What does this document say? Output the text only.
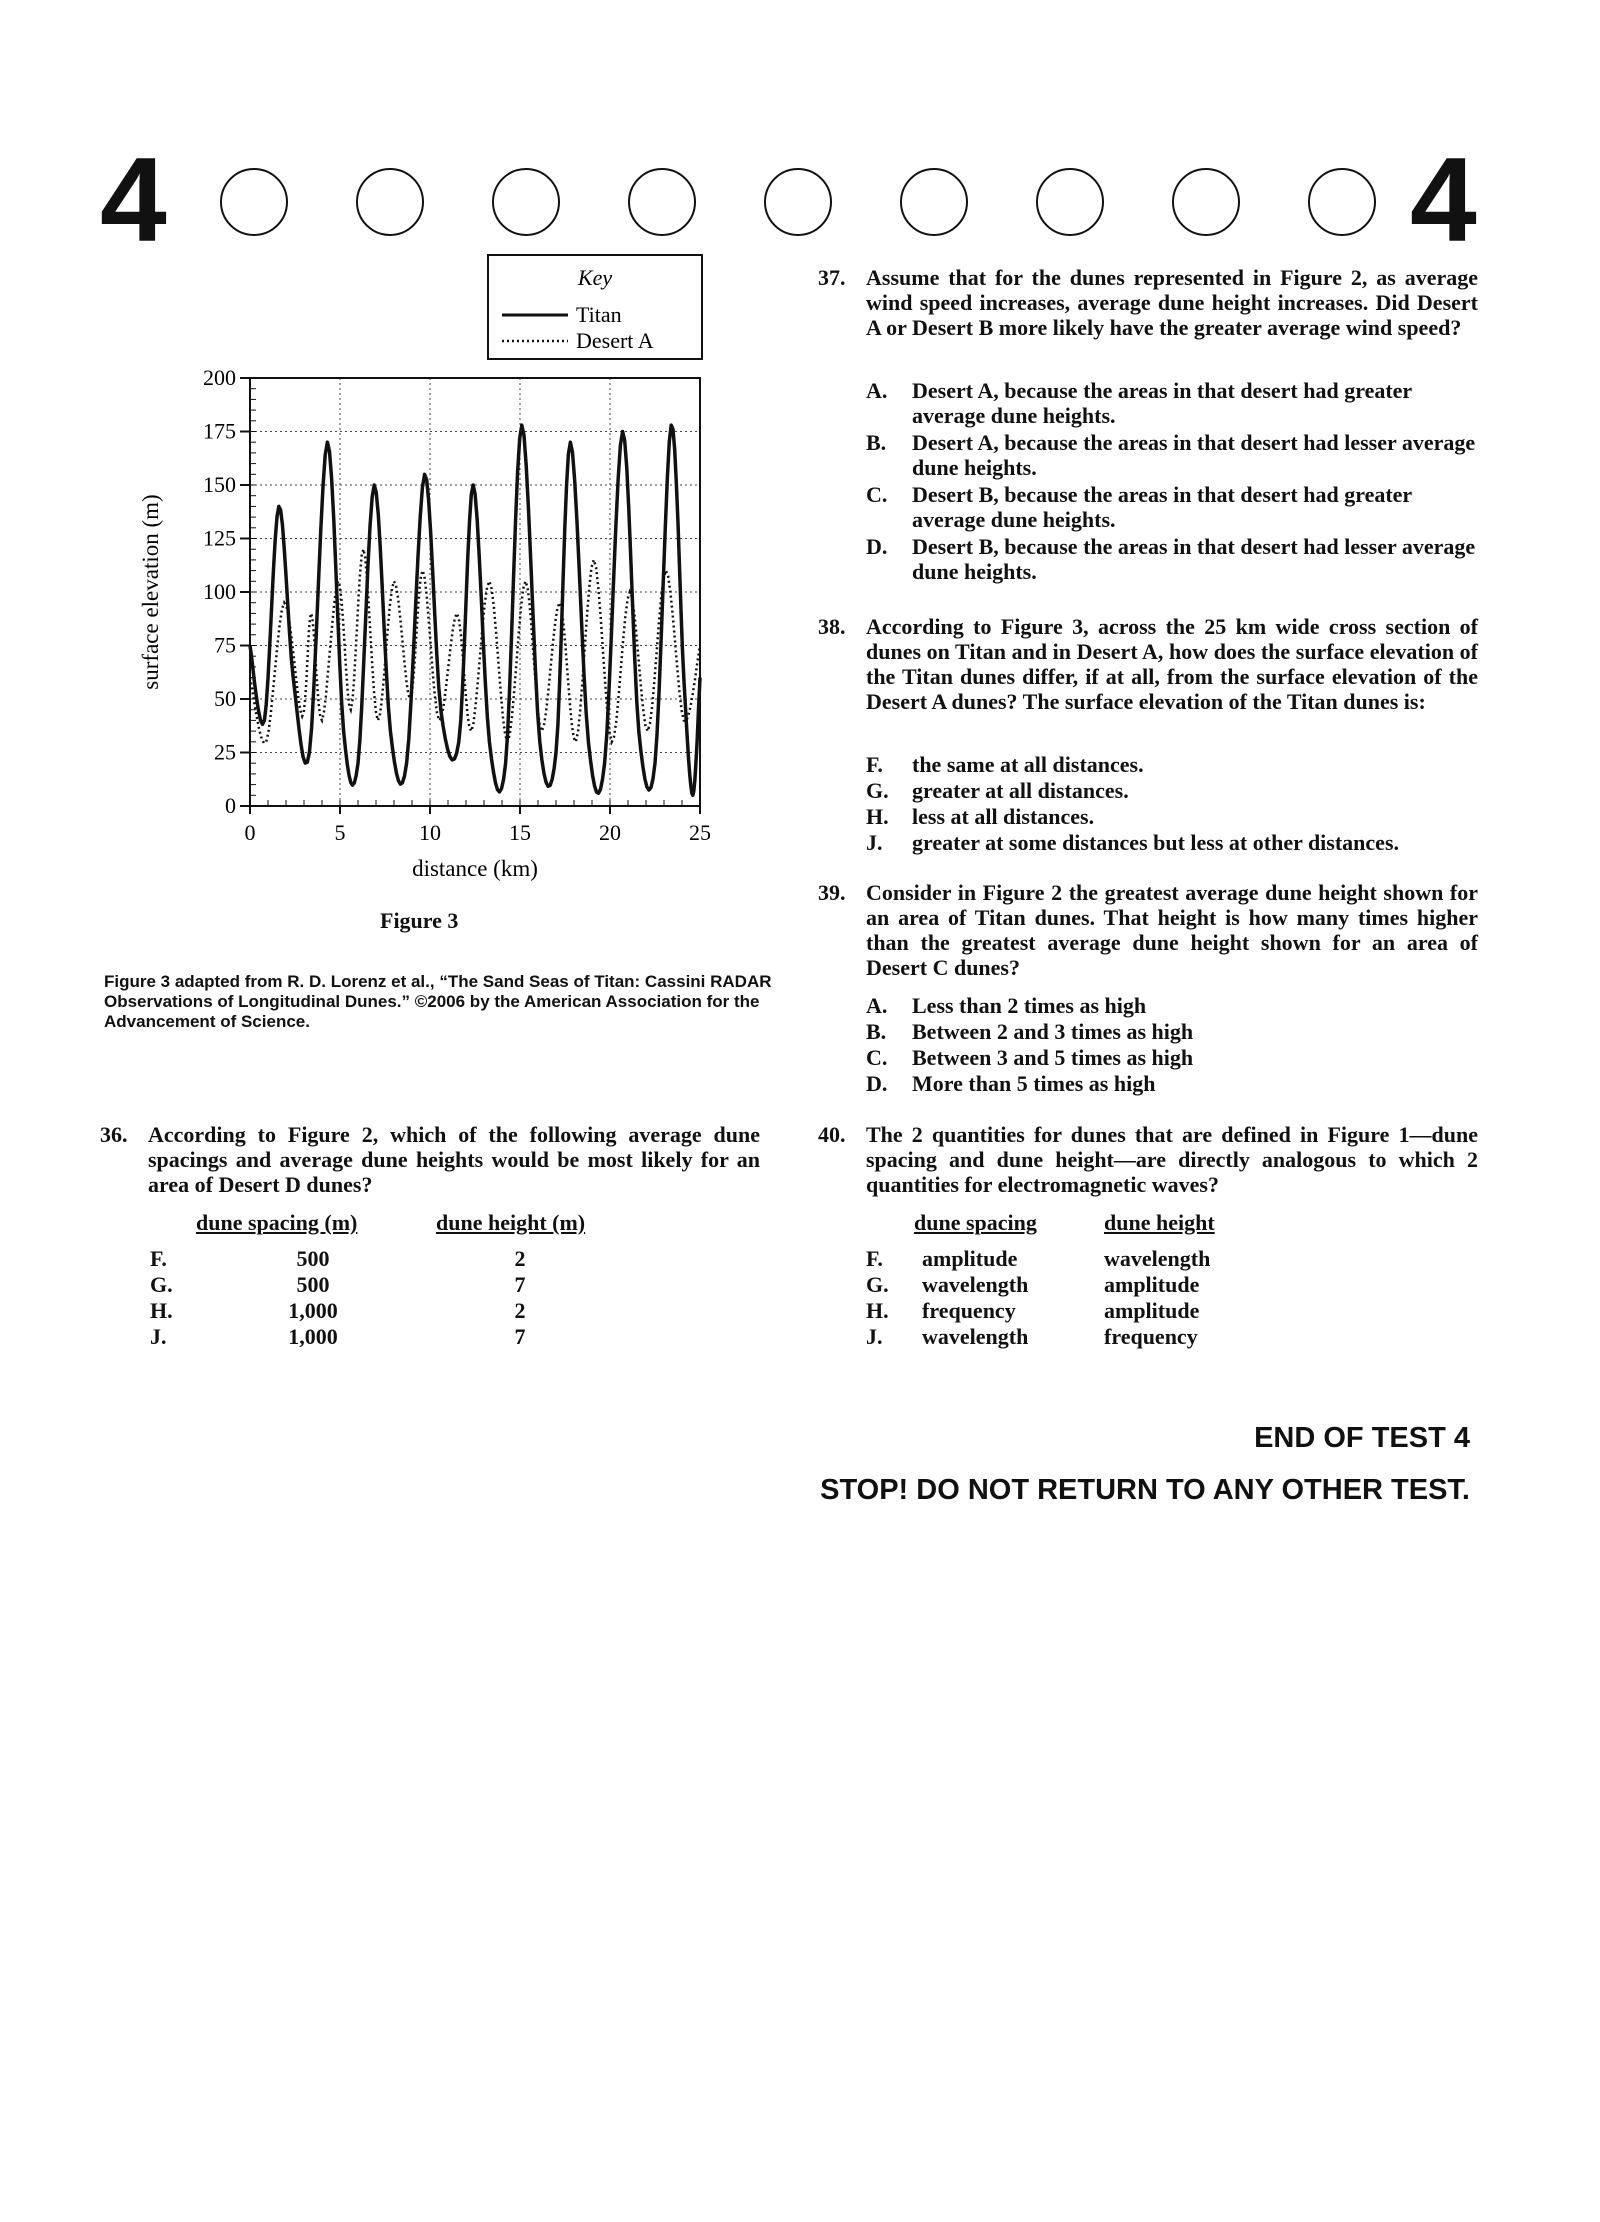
4	4
0
25
50
75
100
125
150
175
200
0	5	10	15	20	25
distance (km)
surface elevation (m)
Key
Titan
Desert A
Figure 3
Figure 3 adapted from R. D. Lorenz et al., “The Sand Seas of Titan: Cassini RADAR Observations of Longitudinal Dunes.” ©2006 by the American Association for the Advancement of Science.
36. According to Figure 2, which of the following average dune spacings and average dune heights would be most likely for an area of Desert D dunes?
dune spacing (m)	dune height (m)
F.	500	2
G.	500	7
H.	1,000	2
J.	1,000	7
37. Assume that for the dunes represented in Figure 2, as average wind speed increases, average dune height increases. Did Desert A or Desert B more likely have the greater average wind speed?
A. Desert A, because the areas in that desert had greater average dune heights.
B. Desert A, because the areas in that desert had lesser average dune heights.
C. Desert B, because the areas in that desert had greater average dune heights.
D. Desert B, because the areas in that desert had lesser average dune heights.
38. According to Figure 3, across the 25 km wide cross section of dunes on Titan and in Desert A, how does the surface elevation of the Titan dunes differ, if at all, from the surface elevation of the Desert A dunes? The surface elevation of the Titan dunes is:
F. the same at all distances.
G. greater at all distances.
H. less at all distances.
J. greater at some distances but less at other distances.
39. Consider in Figure 2 the greatest average dune height shown for an area of Titan dunes. That height is how many times higher than the greatest average dune height shown for an area of Desert C dunes?
A. Less than 2 times as high
B. Between 2 and 3 times as high
C. Between 3 and 5 times as high
D. More than 5 times as high
40. The 2 quantities for dunes that are defined in Figure 1—dune spacing and dune height—are directly analogous to which 2 quantities for electromagnetic waves?
dune spacing	dune height
F. amplitude	wavelength
G. wavelength	amplitude
H. frequency	amplitude
J. wavelength	frequency
END OF TEST 4
STOP! DO NOT RETURN TO ANY OTHER TEST.
